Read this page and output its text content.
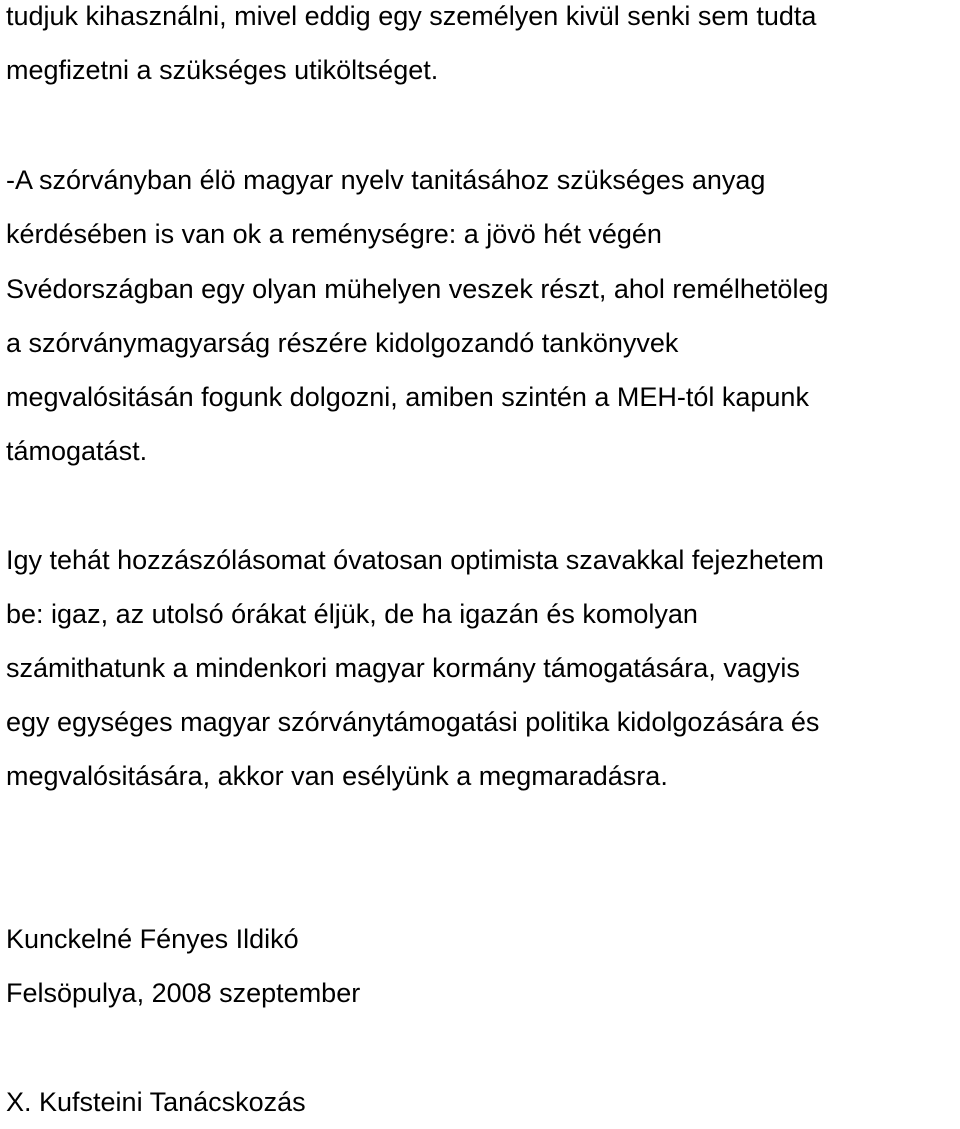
tudjuk kihasználni, mivel eddig egy személyen kivül senki sem tudta
megfizetni a szükséges utiköltséget.
-A szórványban élö magyar nyelv tanitásához szükséges anyag
kérdésében is van ok a reménységre: a jövö hét végén
Svédországban egy olyan mühelyen veszek részt, ahol remélhetöleg
a szórványmagyarság részére kidolgozandó tankönyvek
megvalósitásán fogunk dolgozni, amiben szintén a MEH-tól kapunk
támogatást.
Igy tehát hozzászólásomat óvatosan optimista szavakkal fejezhetem
be: igaz, az utolsó órákat éljük, de ha igazán és komolyan
számithatunk a mindenkori magyar kormány támogatására, vagyis
egy egységes magyar szórványtámogatási politika kidolgozására és
megvalósitására, akkor van esélyünk a megmaradásra.
Kunckelné Fényes Ildikó
Felsöpulya, 2008 szeptember
X. Kufsteini Tanácskozás
